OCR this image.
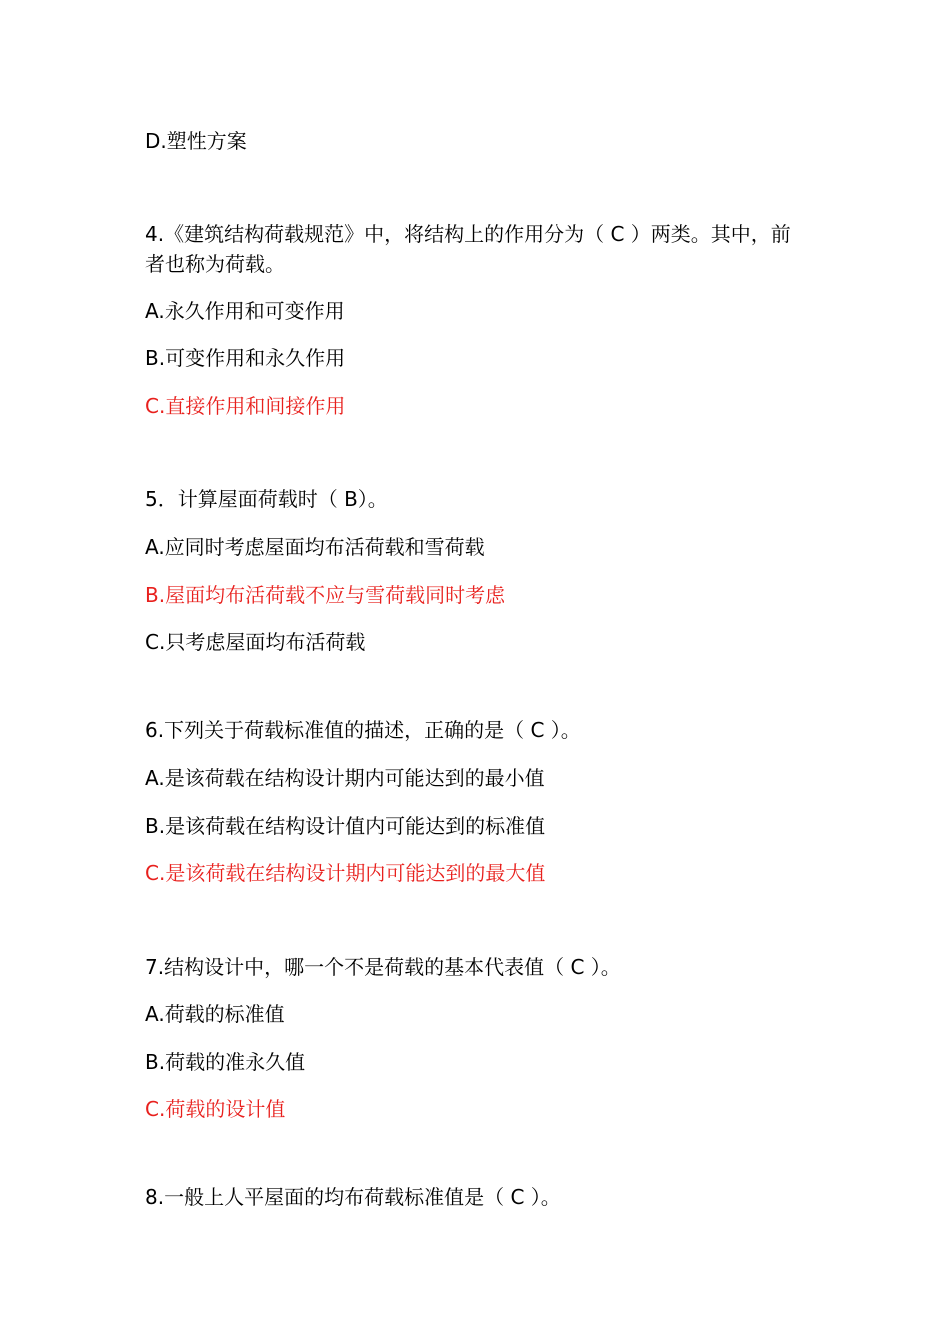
D.塑性方案
4.《建筑结构荷载规范》中，将结构上的作用分为（ C ）两类。其中，前者也称为荷载。
A.永久作用和可变作用
B.可变作用和永久作用
C.直接作用和间接作用
5．计算屋面荷载时（ B）。
A.应同时考虑屋面均布活荷载和雪荷载
B.屋面均布活荷载不应与雪荷载同时考虑
C.只考虑屋面均布活荷载
6.下列关于荷载标准值的描述，正确的是（ C ）。
A.是该荷载在结构设计期内可能达到的最小值
B.是该荷载在结构设计值内可能达到的标准值
C.是该荷载在结构设计期内可能达到的最大值
7.结构设计中，哪一个不是荷载的基本代表值（ C ）。
A.荷载的标准值
B.荷载的准永久值
C.荷载的设计值
8.一般上人平屋面的均布荷载标准值是（ C ）。
